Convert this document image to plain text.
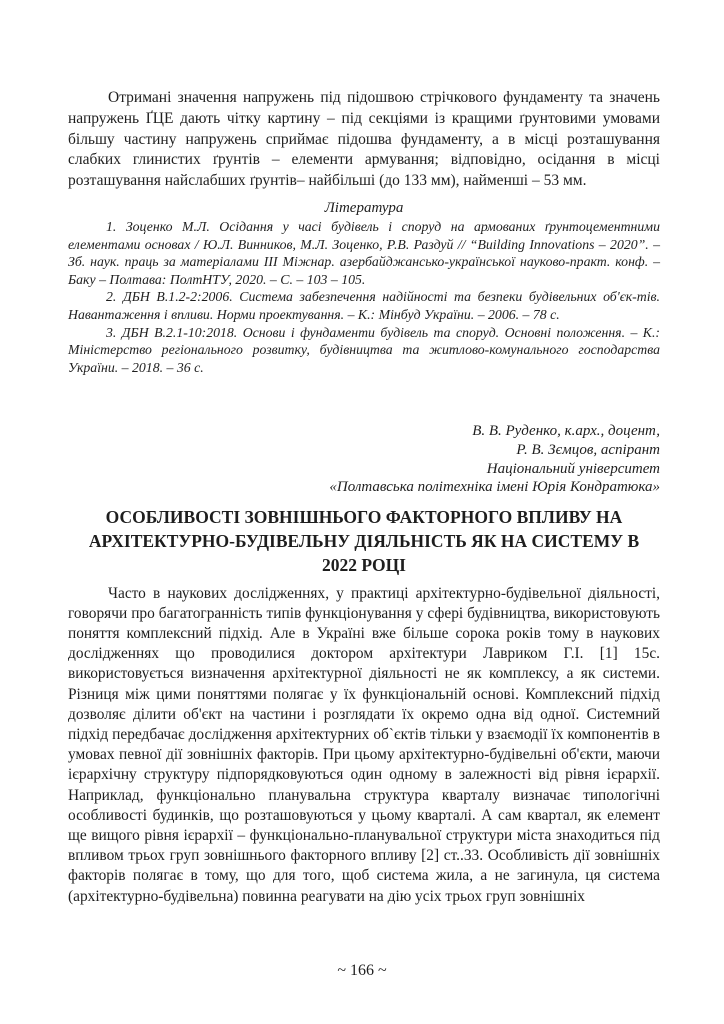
Отримані значення напружень під підошвою стрічкового фундаменту та значень напружень ҐЦЕ дають чітку картину – під секціями із кращими ґрунтовими умовами більшу частину напружень сприймає підошва фундаменту, а в місці розташування слабких глинистих ґрунтів – елементи армування; відповідно, осідання в місці розташування найслабших ґрунтів– найбільші (до 133 мм), найменші – 53 мм.

Література

1. Зоценко М.Л. Осідання у часі будівель і споруд на армованих ґрунтоцементними елементами основах / Ю.Л. Винников, М.Л. Зоценко, Р.В. Раздуй // “Building Innovations – 2020”. – Зб. наук. праць за матеріалами ІІІ Міжнар. азербайджансько-української науково-практ. конф. – Баку – Полтава: ПолтНТУ, 2020. – С. – 103 – 105.

2. ДБН В.1.2-2:2006. Система забезпечення надійності та безпеки будівельних об'єк-тів. Навантаження і впливи. Норми проектування. – К.: Мінбуд України. – 2006. – 78 с.

3. ДБН В.2.1-10:2018. Основи і фундаменти будівель та споруд. Основні положення. – К.: Міністерство регіонального розвитку, будівництва та житлово-комунального господарства України. – 2018. – 36 с.

В. В. Руденко, к.арх., доцент,
Р. В. Зємцов, аспірант
Національний університет
«Полтавська політехніка імені Юрія Кондратюка»
ОСОБЛИВОСТІ ЗОВНІШНЬОГО ФАКТОРНОГО ВПЛИВУ НА АРХІТЕКТУРНО-БУДІВЕЛЬНУ ДІЯЛЬНІСТЬ ЯК НА СИСТЕМУ В 2022 РОЦІ

Часто в наукових дослідженнях, у практиці архітектурно-будівельної діяльності, говорячи про багатогранність типів функціонування у сфері будівництва, використовують поняття комплексний підхід. Але в Україні вже більше сорока років тому в наукових дослідженнях що проводилися доктором архітектури Лавриком Г.І. [1] 15с. використовується визначення архітектурної діяльності не як комплексу, а як системи. Різниця між цими поняттями полягає у їх функціональній основі. Комплексний підхід дозволяє ділити об'єкт на частини і розглядати їх окремо одна від одної. Системний підхід передбачає дослідження архітектурних об`єктів тільки у взаємодії їх компонентів в умовах певної дії зовнішніх факторів. При цьому архітектурно-будівельні об'єкти, маючи ієрархічну структуру підпорядковуються один одному в залежності від рівня ієрархії. Наприклад, функціонально планувальна структура кварталу визначає типологічні особливості будинків, що розташовуються у цьому кварталі. А сам квартал, як елемент ще вищого рівня ієрархії – функціонально-планувальної структури міста знаходиться під впливом трьох груп зовнішнього факторного впливу [2] ст..33. Особливість дії зовнішніх факторів полягає в тому, що для того, щоб система жила, а не загинула, ця система (архітектурно-будівельна) повинна реагувати на дію усіх трьох груп зовнішніх

~ 166 ~
